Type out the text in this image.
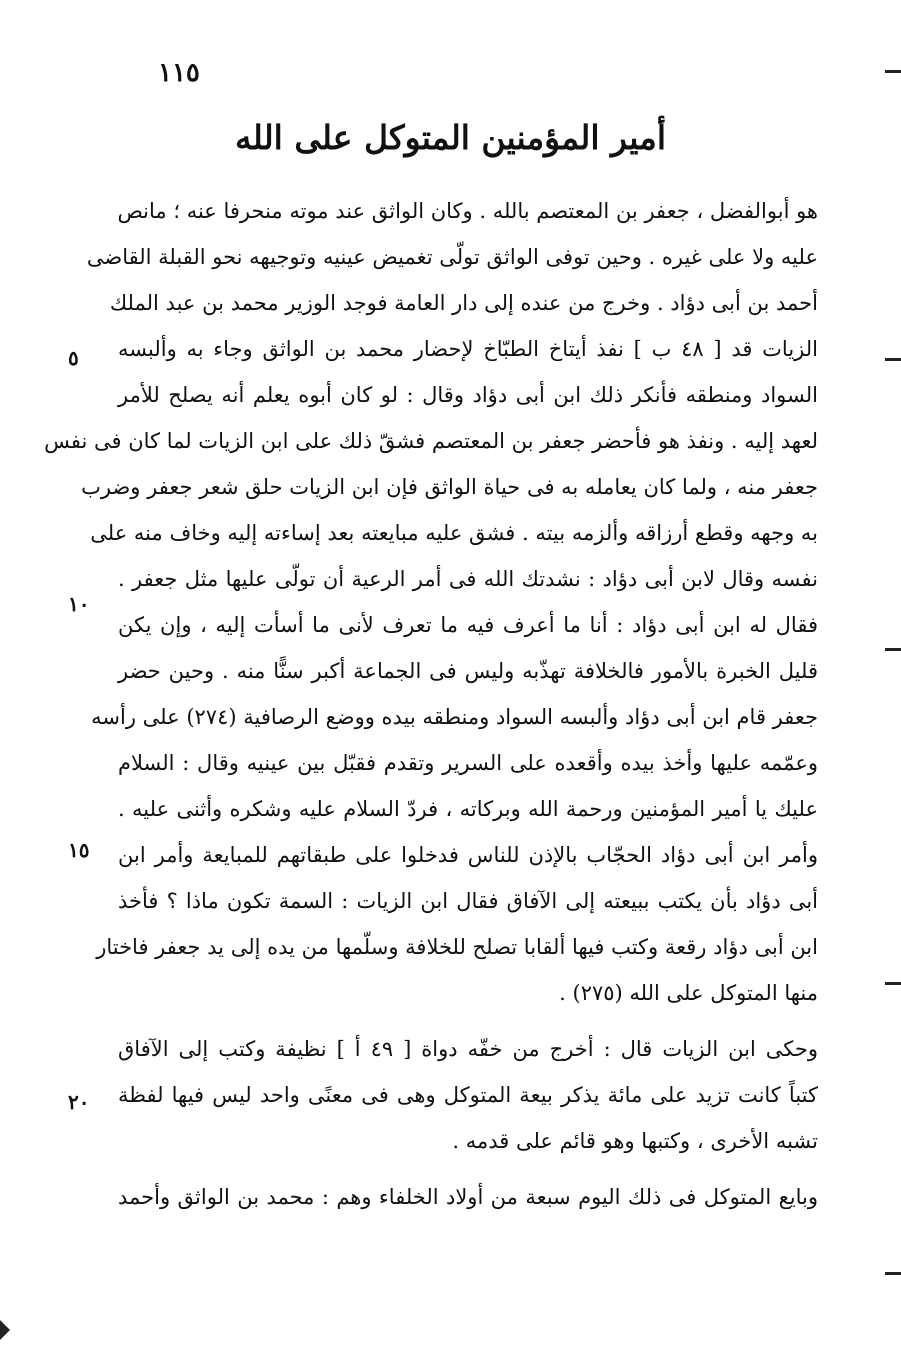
١١٥
أمير المؤمنين المتوكل على الله
هو أبوالفضل ، جعفر بن المعتصم بالله . وكان الواثق عند موته منحرفا عنه ؛ مانص
عليه ولا على غيره . وحين توفى الواثق تولّى تغميض عينيه وتوجيهه نحو القبلة القاضى
أحمد بن أبى دؤاد . وخرج من عنده إلى دار العامة فوجد الوزير محمد بن عبد الملك
الزيات قد [ ٤٨ ب ] نفذ أيتاخ الطبّاخ لإحضار محمد بن الواثق وجاء به وألبسه
السواد ومنطقه فأنكر ذلك ابن أبى دؤاد وقال : لو كان أبوه يعلم أنه يصلح للأمر
لعهد إليه . ونفذ هو فأحضر جعفر بن المعتصم فشقّ ذلك على ابن الزيات لما كان فى نفس
جعفر منه ، ولما كان يعامله به فى حياة الواثق فإن ابن الزيات حلق شعر جعفر وضرب
به وجهه وقطع أرزاقه وألزمه بيته . فشق عليه مبايعته بعد إساءته إليه وخاف منه على
نفسه وقال لابن أبى دؤاد : نشدتك الله فى أمر الرعية أن تولّى عليها مثل جعفر .
فقال له ابن أبى دؤاد : أنا ما أعرف فيه ما تعرف لأنى ما أسأت إليه ، وإن يكن
قليل الخبرة بالأمور فالخلافة تهذّبه وليس فى الجماعة أكبر سنًّا منه . وحين حضر
جعفر قام ابن أبى دؤاد وألبسه السواد ومنطقه بيده ووضع الرصافية (٢٧٤) على رأسه
وعمّمه عليها وأخذ بيده وأقعده على السرير وتقدم فقبّل بين عينيه وقال : السلام
عليك يا أمير المؤمنين ورحمة الله وبركاته ، فردّ السلام عليه وشكره وأثنى عليه .
وأمر ابن أبى دؤاد الحجّاب بالإذن للناس فدخلوا على طبقاتهم للمبايعة وأمر ابن
أبى دؤاد بأن يكتب ببيعته إلى الآفاق فقال ابن الزيات : السمة تكون ماذا ؟ فأخذ
ابن أبى دؤاد رقعة وكتب فيها ألقابا تصلح للخلافة وسلّمها من يده إلى يد جعفر فاختار
منها المتوكل على الله (٢٧٥) .
وحكى ابن الزيات قال : أخرج من خفّه دواة [ ٤٩ أ ] نظيفة وكتب إلى الآفاق
كتباً كانت تزيد على مائة يذكر بيعة المتوكل وهى فى معنًى واحد ليس فيها لفظة
تشبه الأخرى ، وكتبها وهو قائم على قدمه .
وبايع المتوكل فى ذلك اليوم سبعة من أولاد الخلفاء وهم : محمد بن الواثق وأحمد
٥
١٠
١٥
٢٠
